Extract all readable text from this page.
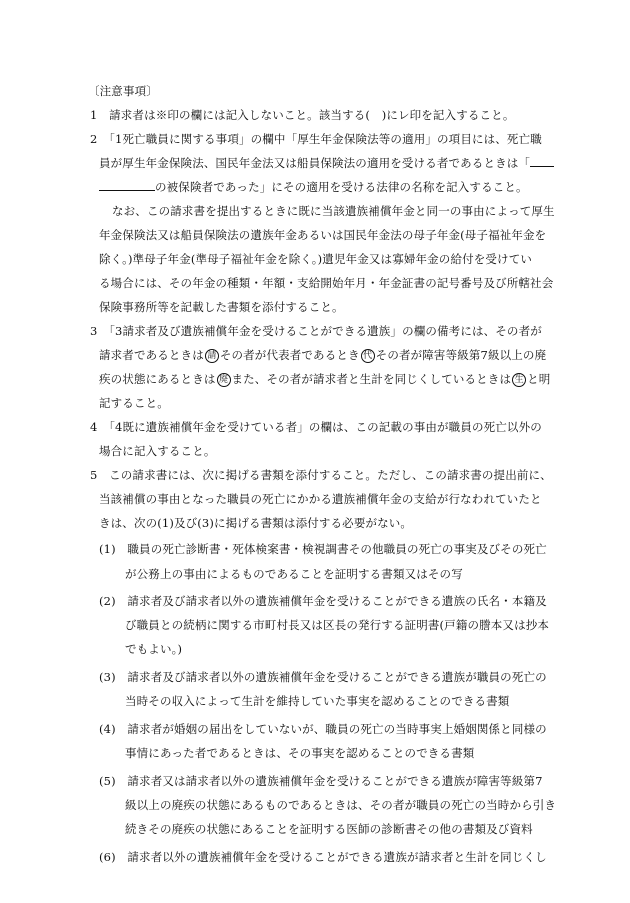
〔注意事項〕
1　請求者は※印の欄には記入しないこと。該当する(　)にレ印を記入すること。
2　「1死亡職員に関する事項」の欄中「厚生年金保険法等の適用」の項目には、死亡職
員が厚生年金保険法、国民年金法又は船員保険法の適用を受ける者であるときは「
の被保険者であった」にその適用を受ける法律の名称を記入すること。
なお、この請求書を提出するときに既に当該遺族補償年金と同一の事由によって厚生
年金保険法又は船員保険法の遺族年金あるいは国民年金法の母子年金(母子福祉年金を
除く。)準母子年金(準母子福祉年金を除く。)遺児年金又は寡婦年金の給付を受けてい
る場合には、その年金の種類・年額・支給開始年月・年金証書の記号番号及び所轄社会
保険事務所等を記載した書類を添付すること。
3　「3請求者及び遺族補償年金を受けることができる遺族」の欄の備考には、その者が
請求者であるときは 請 その者が代表者であるとき 代 その者が障害等級第7級以上の廃
疾の状態にあるときは 廃 また、その者が請求者と生計を同じくしているときは 生 と明
記すること。
4　「4既に遺族補償年金を受けている者」の欄は、この記載の事由が職員の死亡以外の
場合に記入すること。
5　この請求書には、次に掲げる書類を添付すること。ただし、この請求書の提出前に、
当該補償の事由となった職員の死亡にかかる遺族補償年金の支給が行なわれていたと
きは、次の(1)及び(3)に掲げる書類は添付する必要がない。
(1)　職員の死亡診断書・死体検案書・検視調書その他職員の死亡の事実及びその死亡
が公務上の事由によるものであることを証明する書類又はその写
(2)　請求者及び請求者以外の遺族補償年金を受けることができる遺族の氏名・本籍及
び職員との続柄に関する市町村長又は区長の発行する証明書(戸籍の謄本又は抄本
でもよい。)
(3)　請求者及び請求者以外の遺族補償年金を受けることができる遺族が職員の死亡の
当時その収入によって生計を維持していた事実を認めることのできる書類
(4)　請求者が婚姻の届出をしていないが、職員の死亡の当時事実上婚姻関係と同様の
事情にあった者であるときは、その事実を認めることのできる書類
(5)　請求者又は請求者以外の遺族補償年金を受けることができる遺族が障害等級第7
級以上の廃疾の状態にあるものであるときは、その者が職員の死亡の当時から引き
続きその廃疾の状態にあることを証明する医師の診断書その他の書類及び資料
(6)　請求者以外の遺族補償年金を受けることができる遺族が請求者と生計を同じくし
